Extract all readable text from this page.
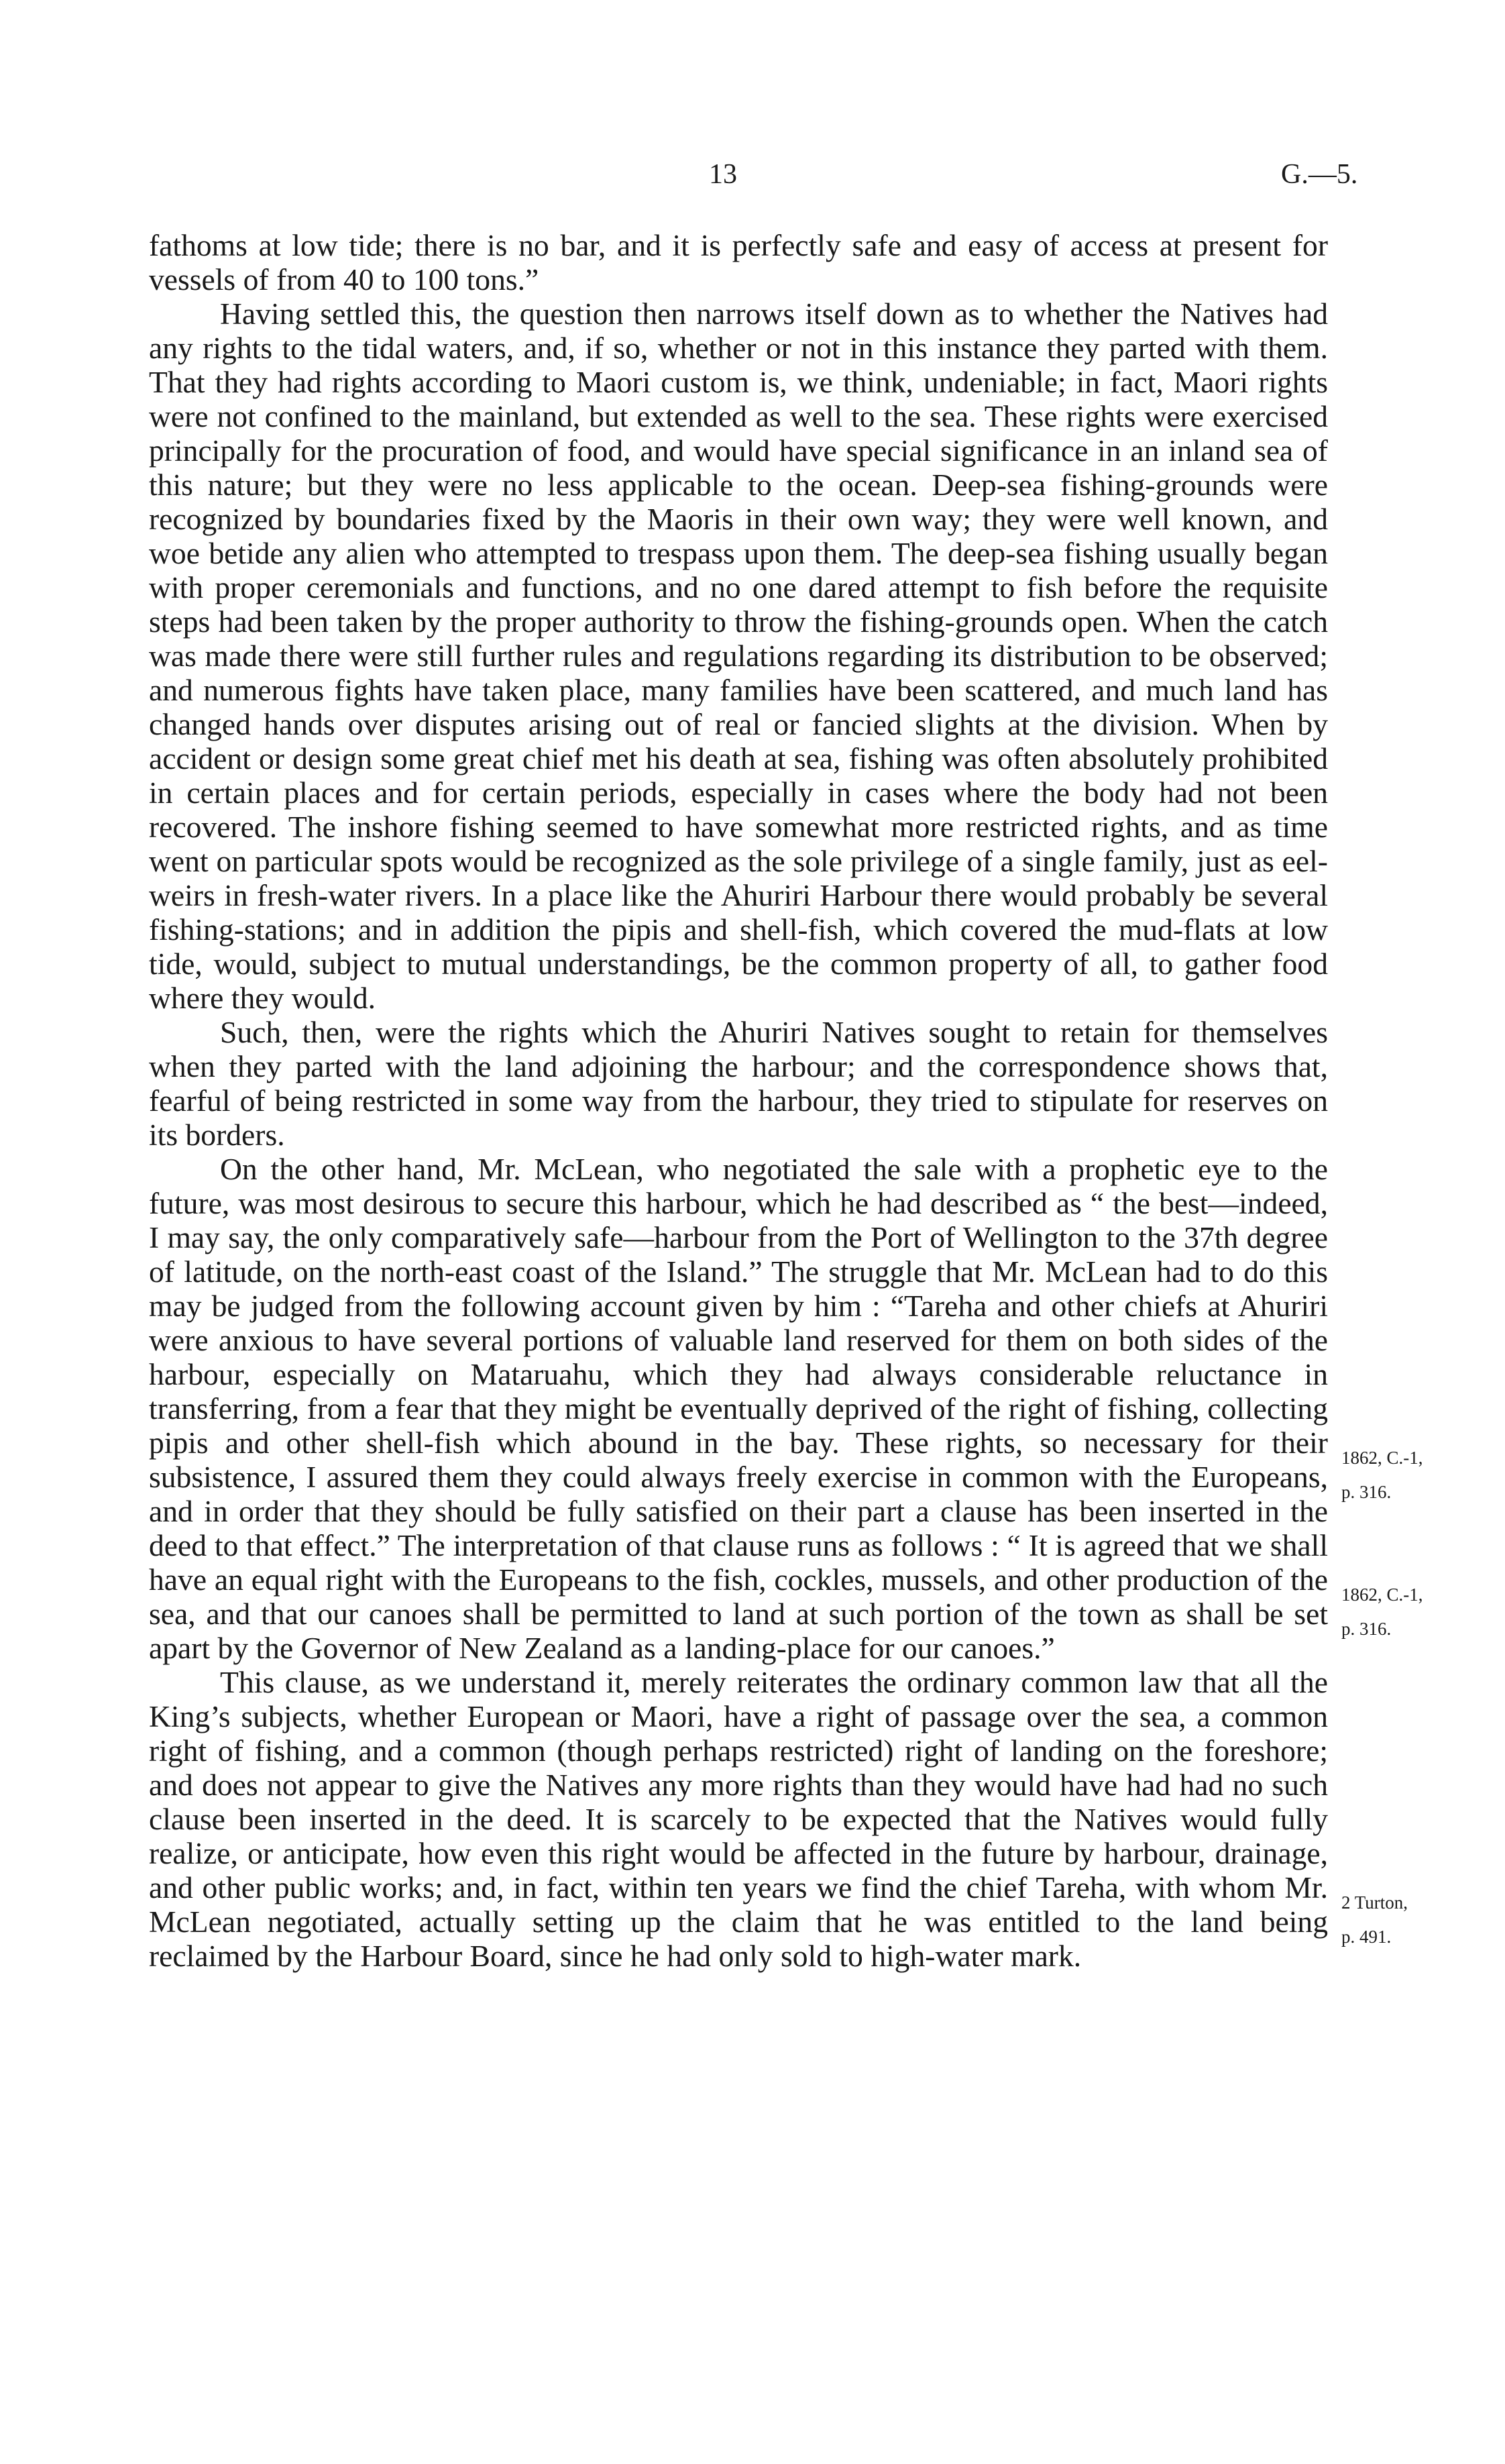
13	G.—5.

fathoms at low tide; there is no bar, and it is perfectly safe and easy of access at present for vessels of from 40 to 100 tons.”

Having settled this, the question then narrows itself down as to whether the Natives had any rights to the tidal waters, and, if so, whether or not in this instance they parted with them. That they had rights according to Maori custom is, we think, undeniable; in fact, Maori rights were not confined to the mainland, but extended as well to the sea. These rights were exercised principally for the procuration of food, and would have special significance in an inland sea of this nature; but they were no less applicable to the ocean. Deep-sea fishing-grounds were recognized by boundaries fixed by the Maoris in their own way; they were well known, and woe betide any alien who attempted to trespass upon them. The deep-sea fishing usually began with proper ceremonials and functions, and no one dared attempt to fish before the requisite steps had been taken by the proper authority to throw the fishing-grounds open. When the catch was made there were still further rules and regulations regarding its distribution to be observed; and numerous fights have taken place, many families have been scattered, and much land has changed hands over disputes arising out of real or fancied slights at the division. When by accident or design some great chief met his death at sea, fishing was often absolutely prohibited in certain places and for certain periods, especially in cases where the body had not been recovered. The inshore fishing seemed to have somewhat more restricted rights, and as time went on particular spots would be recognized as the sole privilege of a single family, just as eel-weirs in fresh-water rivers. In a place like the Ahuriri Harbour there would probably be several fishing-stations; and in addition the pipis and shell-fish, which covered the mud-flats at low tide, would, subject to mutual understandings, be the common property of all, to gather food where they would.

Such, then, were the rights which the Ahuriri Natives sought to retain for themselves when they parted with the land adjoining the harbour; and the correspondence shows that, fearful of being restricted in some way from the harbour, they tried to stipulate for reserves on its borders.

On the other hand, Mr. McLean, who negotiated the sale with a prophetic eye to the future, was most desirous to secure this harbour, which he had described as “ the best—indeed, I may say, the only comparatively safe—harbour from the Port of Wellington to the 37th degree of latitude, on the north-east coast of the Island.” The struggle that Mr. McLean had to do this may be judged from the following account given by him : “Tareha and other chiefs at Ahuriri were anxious to have several portions of valuable land reserved for them on both sides of the harbour, especially on Mataruahu, which they had always considerable reluctance in transferring, from a fear that they might be eventually deprived of the right of fishing, collecting pipis and other shell-fish which abound in the bay. These rights, so necessary for their subsistence, I assured them they could always freely exercise in common with the Europeans, and in order that they should be fully satisfied on their part a clause has been inserted in the deed to that effect.” The interpretation of that clause runs as follows : “ It is agreed that we shall have an equal right with the Europeans to the fish, cockles, mussels, and other production of the sea, and that our canoes shall be permitted to land at such portion of the town as shall be set apart by the Governor of New Zealand as a landing-place for our canoes.”

This clause, as we understand it, merely reiterates the ordinary common law that all the King’s subjects, whether European or Maori, have a right of passage over the sea, a common right of fishing, and a common (though perhaps restricted) right of landing on the foreshore; and does not appear to give the Natives any more rights than they would have had had no such clause been inserted in the deed. It is scarcely to be expected that the Natives would fully realize, or anticipate, how even this right would be affected in the future by harbour, drainage, and other public works; and, in fact, within ten years we find the chief Tareha, with whom Mr. McLean negotiated, actually setting up the claim that he was entitled to the land being reclaimed by the Harbour Board, since he had only sold to high-water mark.

1862, C.-1,
p. 316.
1862, C.-1,
p. 316.
2 Turton,
p. 491.
